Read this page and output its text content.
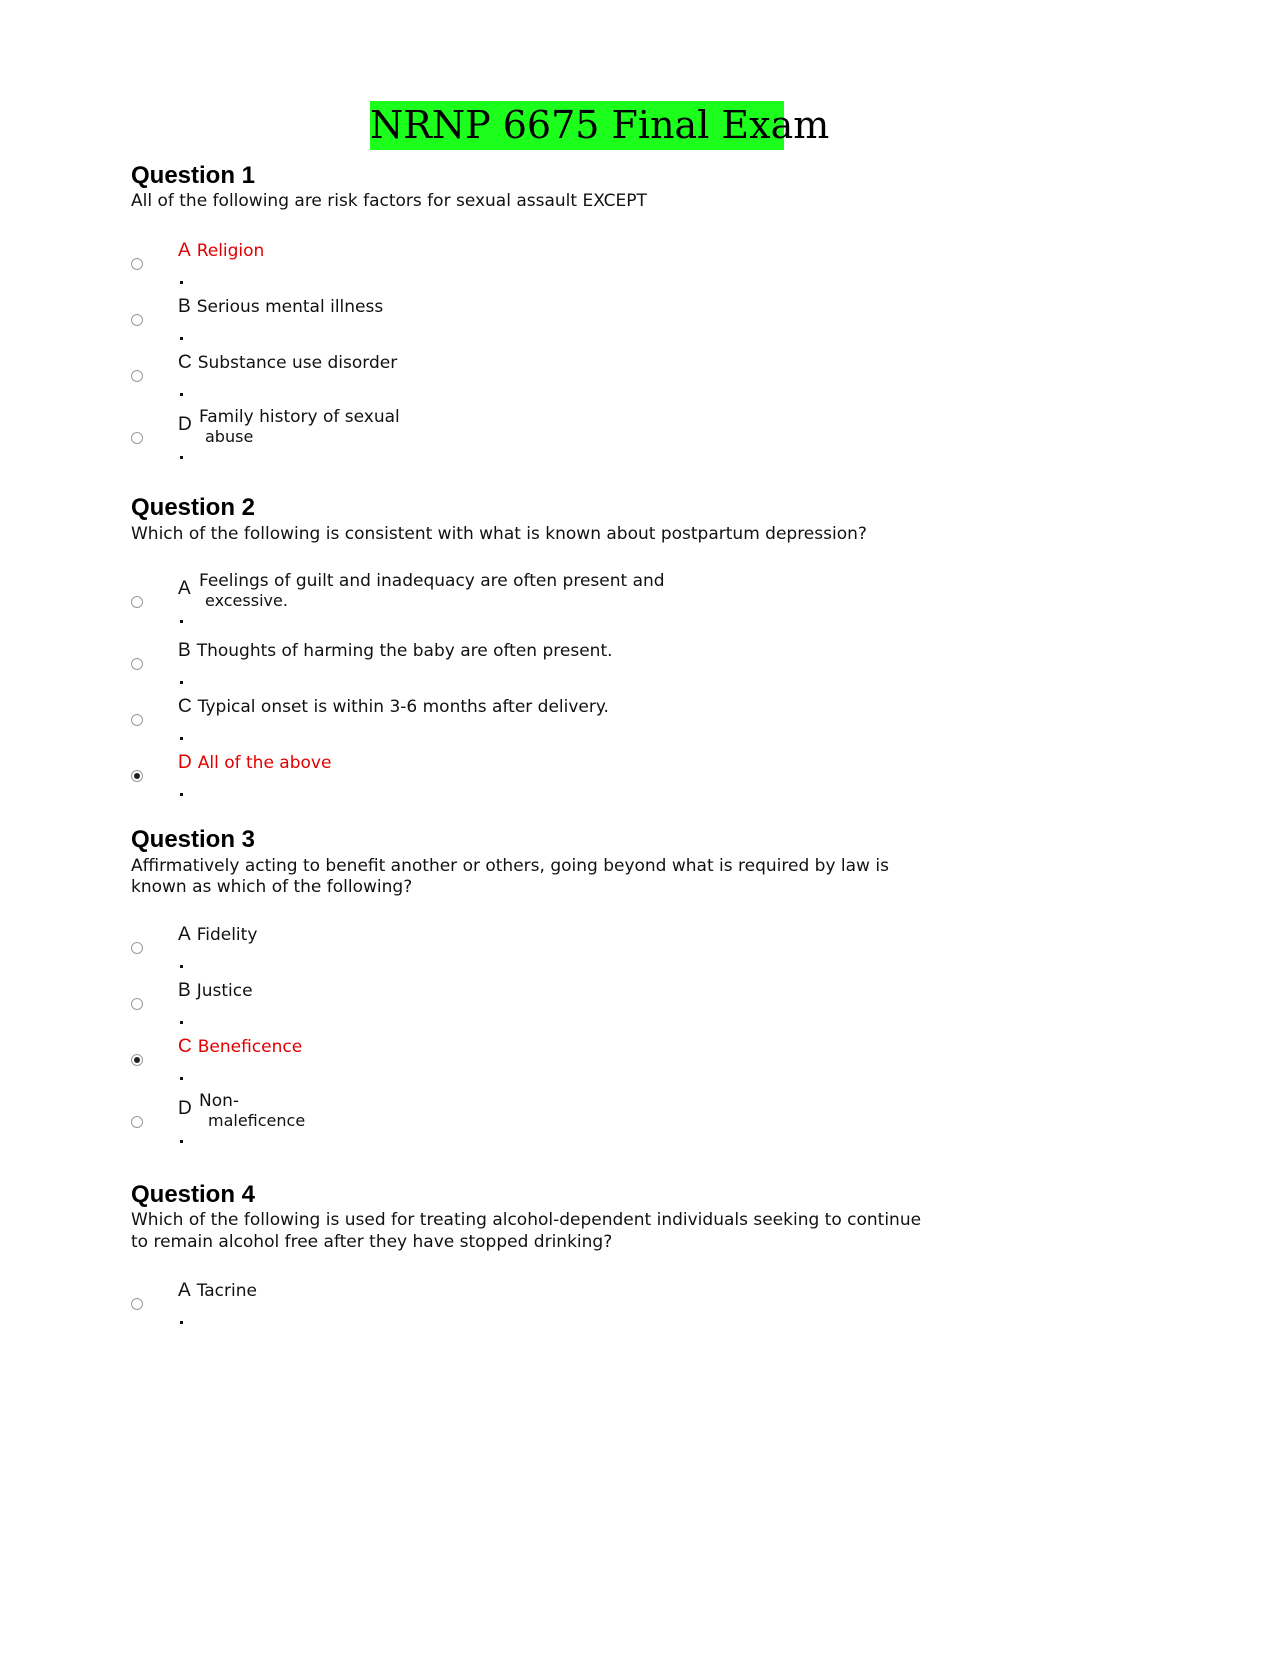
NRNP 6675 Final Exam
Question 1
All of the following are risk factors for sexual assault EXCEPT
A Religion
B Serious mental illness
C Substance use disorder
D Family history of sexual
abuse
Question 2
Which of the following is consistent with what is known about postpartum depression?
A Feelings of guilt and inadequacy are often present and
excessive.
B Thoughts of harming the baby are often present.
C Typical onset is within 3-6 months after delivery.
D All of the above
Question 3
Affirmatively acting to benefit another or others, going beyond what is required by law is
known as which of the following?
A Fidelity
B Justice
C Beneficence
D Non-
maleficence
Question 4
Which of the following is used for treating alcohol-dependent individuals seeking to continue
to remain alcohol free after they have stopped drinking?
A Tacrine
